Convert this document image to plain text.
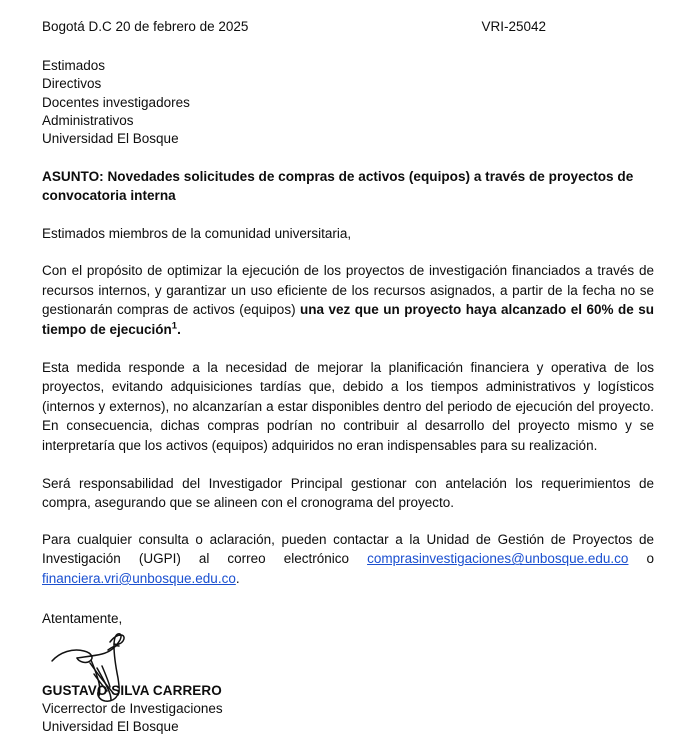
Bogotá D.C 20 de febrero de 2025	VRI-25042
Estimados
Directivos
Docentes investigadores
Administrativos
Universidad El Bosque
ASUNTO: Novedades solicitudes de compras de activos (equipos) a través de proyectos de convocatoria interna
Estimados miembros de la comunidad universitaria,

Con el propósito de optimizar la ejecución de los proyectos de investigación financiados a través de recursos internos, y garantizar un uso eficiente de los recursos asignados, a partir de la fecha no se gestionarán compras de activos (equipos) una vez que un proyecto haya alcanzado el 60% de su tiempo de ejecución$^1$.

Esta medida responde a la necesidad de mejorar la planificación financiera y operativa de los proyectos, evitando adquisiciones tardías que, debido a los tiempos administrativos y logísticos (internos y externos), no alcanzarían a estar disponibles dentro del periodo de ejecución del proyecto. En consecuencia, dichas compras podrían no contribuir al desarrollo del proyecto mismo y se interpretaría que los activos (equipos) adquiridos no eran indispensables para su realización.

Será responsabilidad del Investigador Principal gestionar con antelación los requerimientos de compra, asegurando que se alineen con el cronograma del proyecto.

Para cualquier consulta o aclaración, pueden contactar a la Unidad de Gestión de Proyectos de Investigación (UGPI) al correo electrónico comprasinvestigaciones@unbosque.edu.co o financiera.vri@unbosque.edu.co.

Atentamente,
GUSTAVO SILVA CARRERO
Vicerrector de Investigaciones
Universidad El Bosque
